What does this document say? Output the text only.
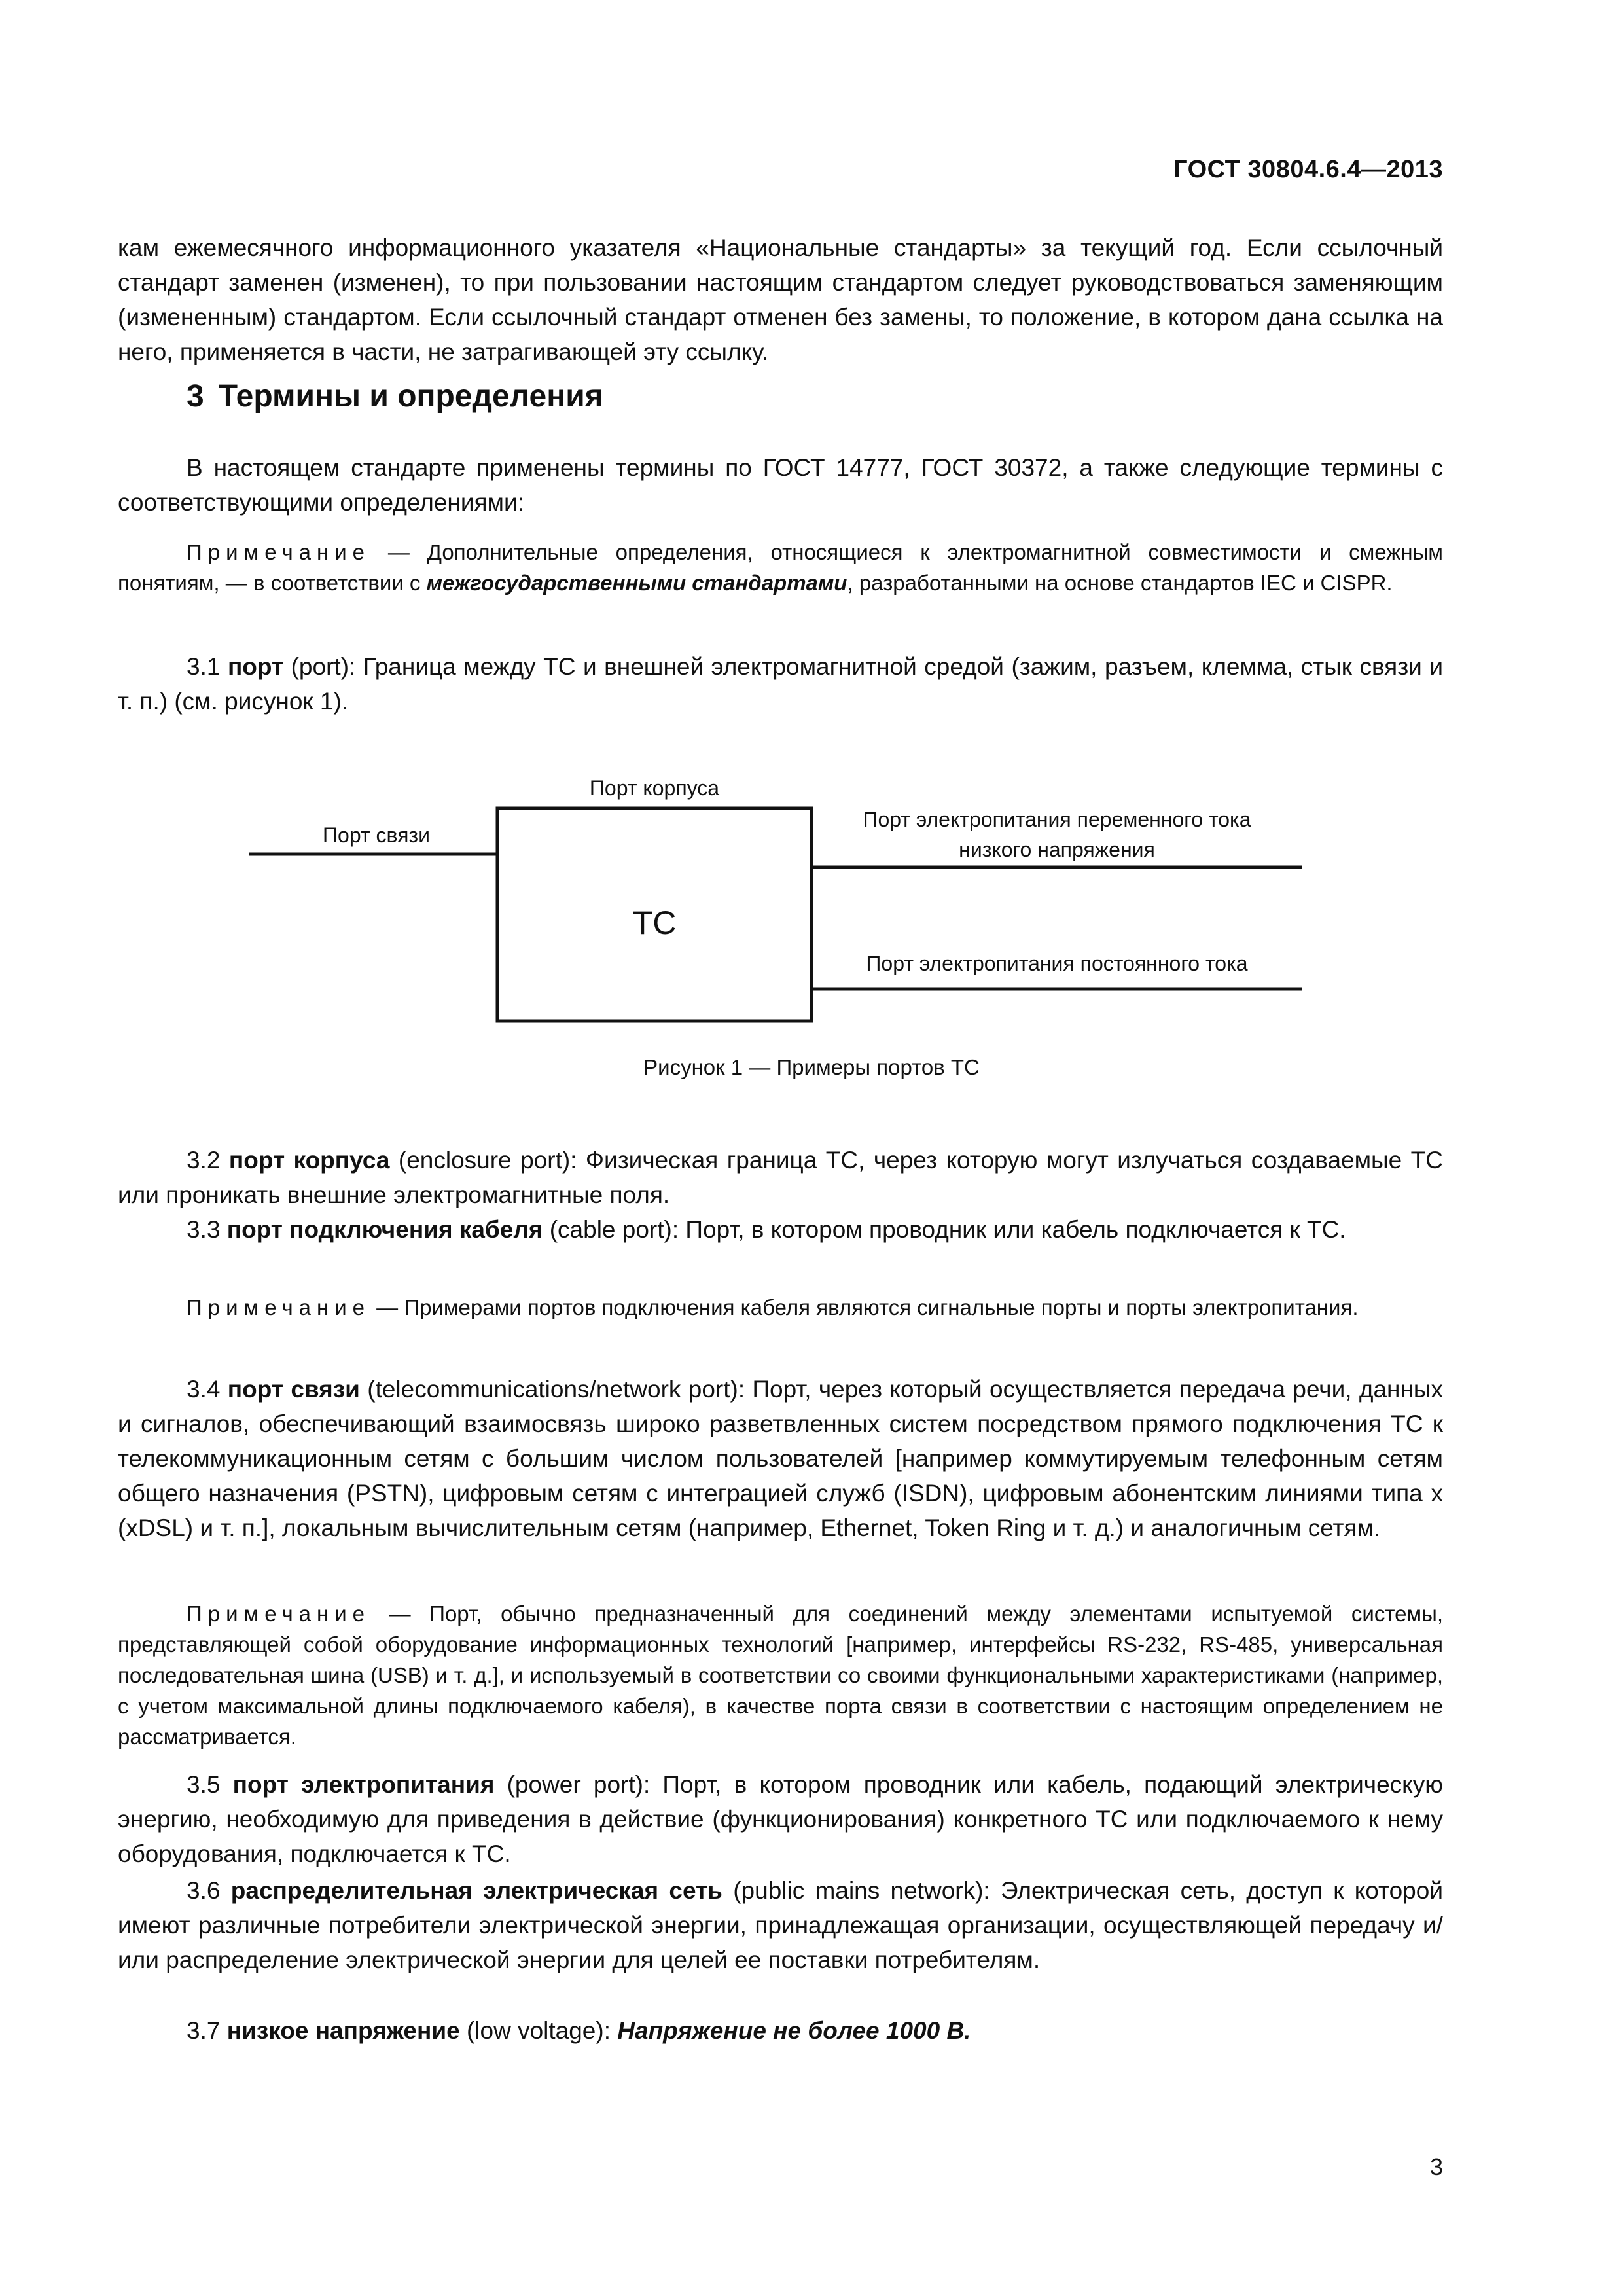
ГОСТ 30804.6.4—2013

кам ежемесячного информационного указателя «Национальные стандарты» за текущий год. Если ссылочный стандарт заменен (изменен), то при пользовании настоящим стандартом следует руководствоваться заменяющим (измененным) стандартом. Если ссылочный стандарт отменен без замены, то положение, в котором дана ссылка на него, применяется в части, не затрагивающей эту ссылку.

3 Термины и определения

В настоящем стандарте применены термины по ГОСТ 14777, ГОСТ 30372, а также следующие термины с соответствующими определениями:

Примечание — Дополнительные определения, относящиеся к электромагнитной совместимости и смежным понятиям, — в соответствии с межгосударственными стандартами, разработанными на основе стандартов IEC и CISPR.

3.1 порт (port): Граница между ТС и внешней электромагнитной средой (зажим, разъем, клемма, стык связи и т. п.) (см. рисунок 1).

Порт корпуса
Порт связи
ТС
Порт электропитания переменного тока
низкого напряжения
Порт электропитания постоянного тока
Рисунок 1 — Примеры портов ТС

3.2 порт корпуса (enclosure port): Физическая граница ТС, через которую могут излучаться создаваемые ТС или проникать внешние электромагнитные поля.

3.3 порт подключения кабеля (cable port): Порт, в котором проводник или кабель подключается к ТС.

Примечание — Примерами портов подключения кабеля являются сигнальные порты и порты электропитания.

3.4 порт связи (telecommunications/network port): Порт, через который осуществляется передача речи, данных и сигналов, обеспечивающий взаимосвязь широко разветвленных систем посредством прямого подключения ТС к телекоммуникационным сетям с большим числом пользователей [например коммутируемым телефонным сетям общего назначения (PSTN), цифровым сетям с интеграцией служб (ISDN), цифровым абонентским линиями типа х (xDSL) и т. п.], локальным вычислительным сетям (например, Ethernet, Token Ring и т. д.) и аналогичным сетям.

Примечание — Порт, обычно предназначенный для соединений между элементами испытуемой системы, представляющей собой оборудование информационных технологий [например, интерфейсы RS-232, RS-485, универсальная последовательная шина (USB) и т. д.], и используемый в соответствии со своими функциональными характеристиками (например, с учетом максимальной длины подключаемого кабеля), в качестве порта связи в соответствии с настоящим определением не рассматривается.

3.5 порт электропитания (power port): Порт, в котором проводник или кабель, подающий электрическую энергию, необходимую для приведения в действие (функционирования) конкретного ТС или подключаемого к нему оборудования, подключается к ТС.

3.6 распределительная электрическая сеть (public mains network): Электрическая сеть, доступ к которой имеют различные потребители электрической энергии, принадлежащая организации, осуществляющей передачу и/или распределение электрической энергии для целей ее поставки потребителям.

3.7 низкое напряжение (low voltage): Напряжение не более 1000 В.

3
